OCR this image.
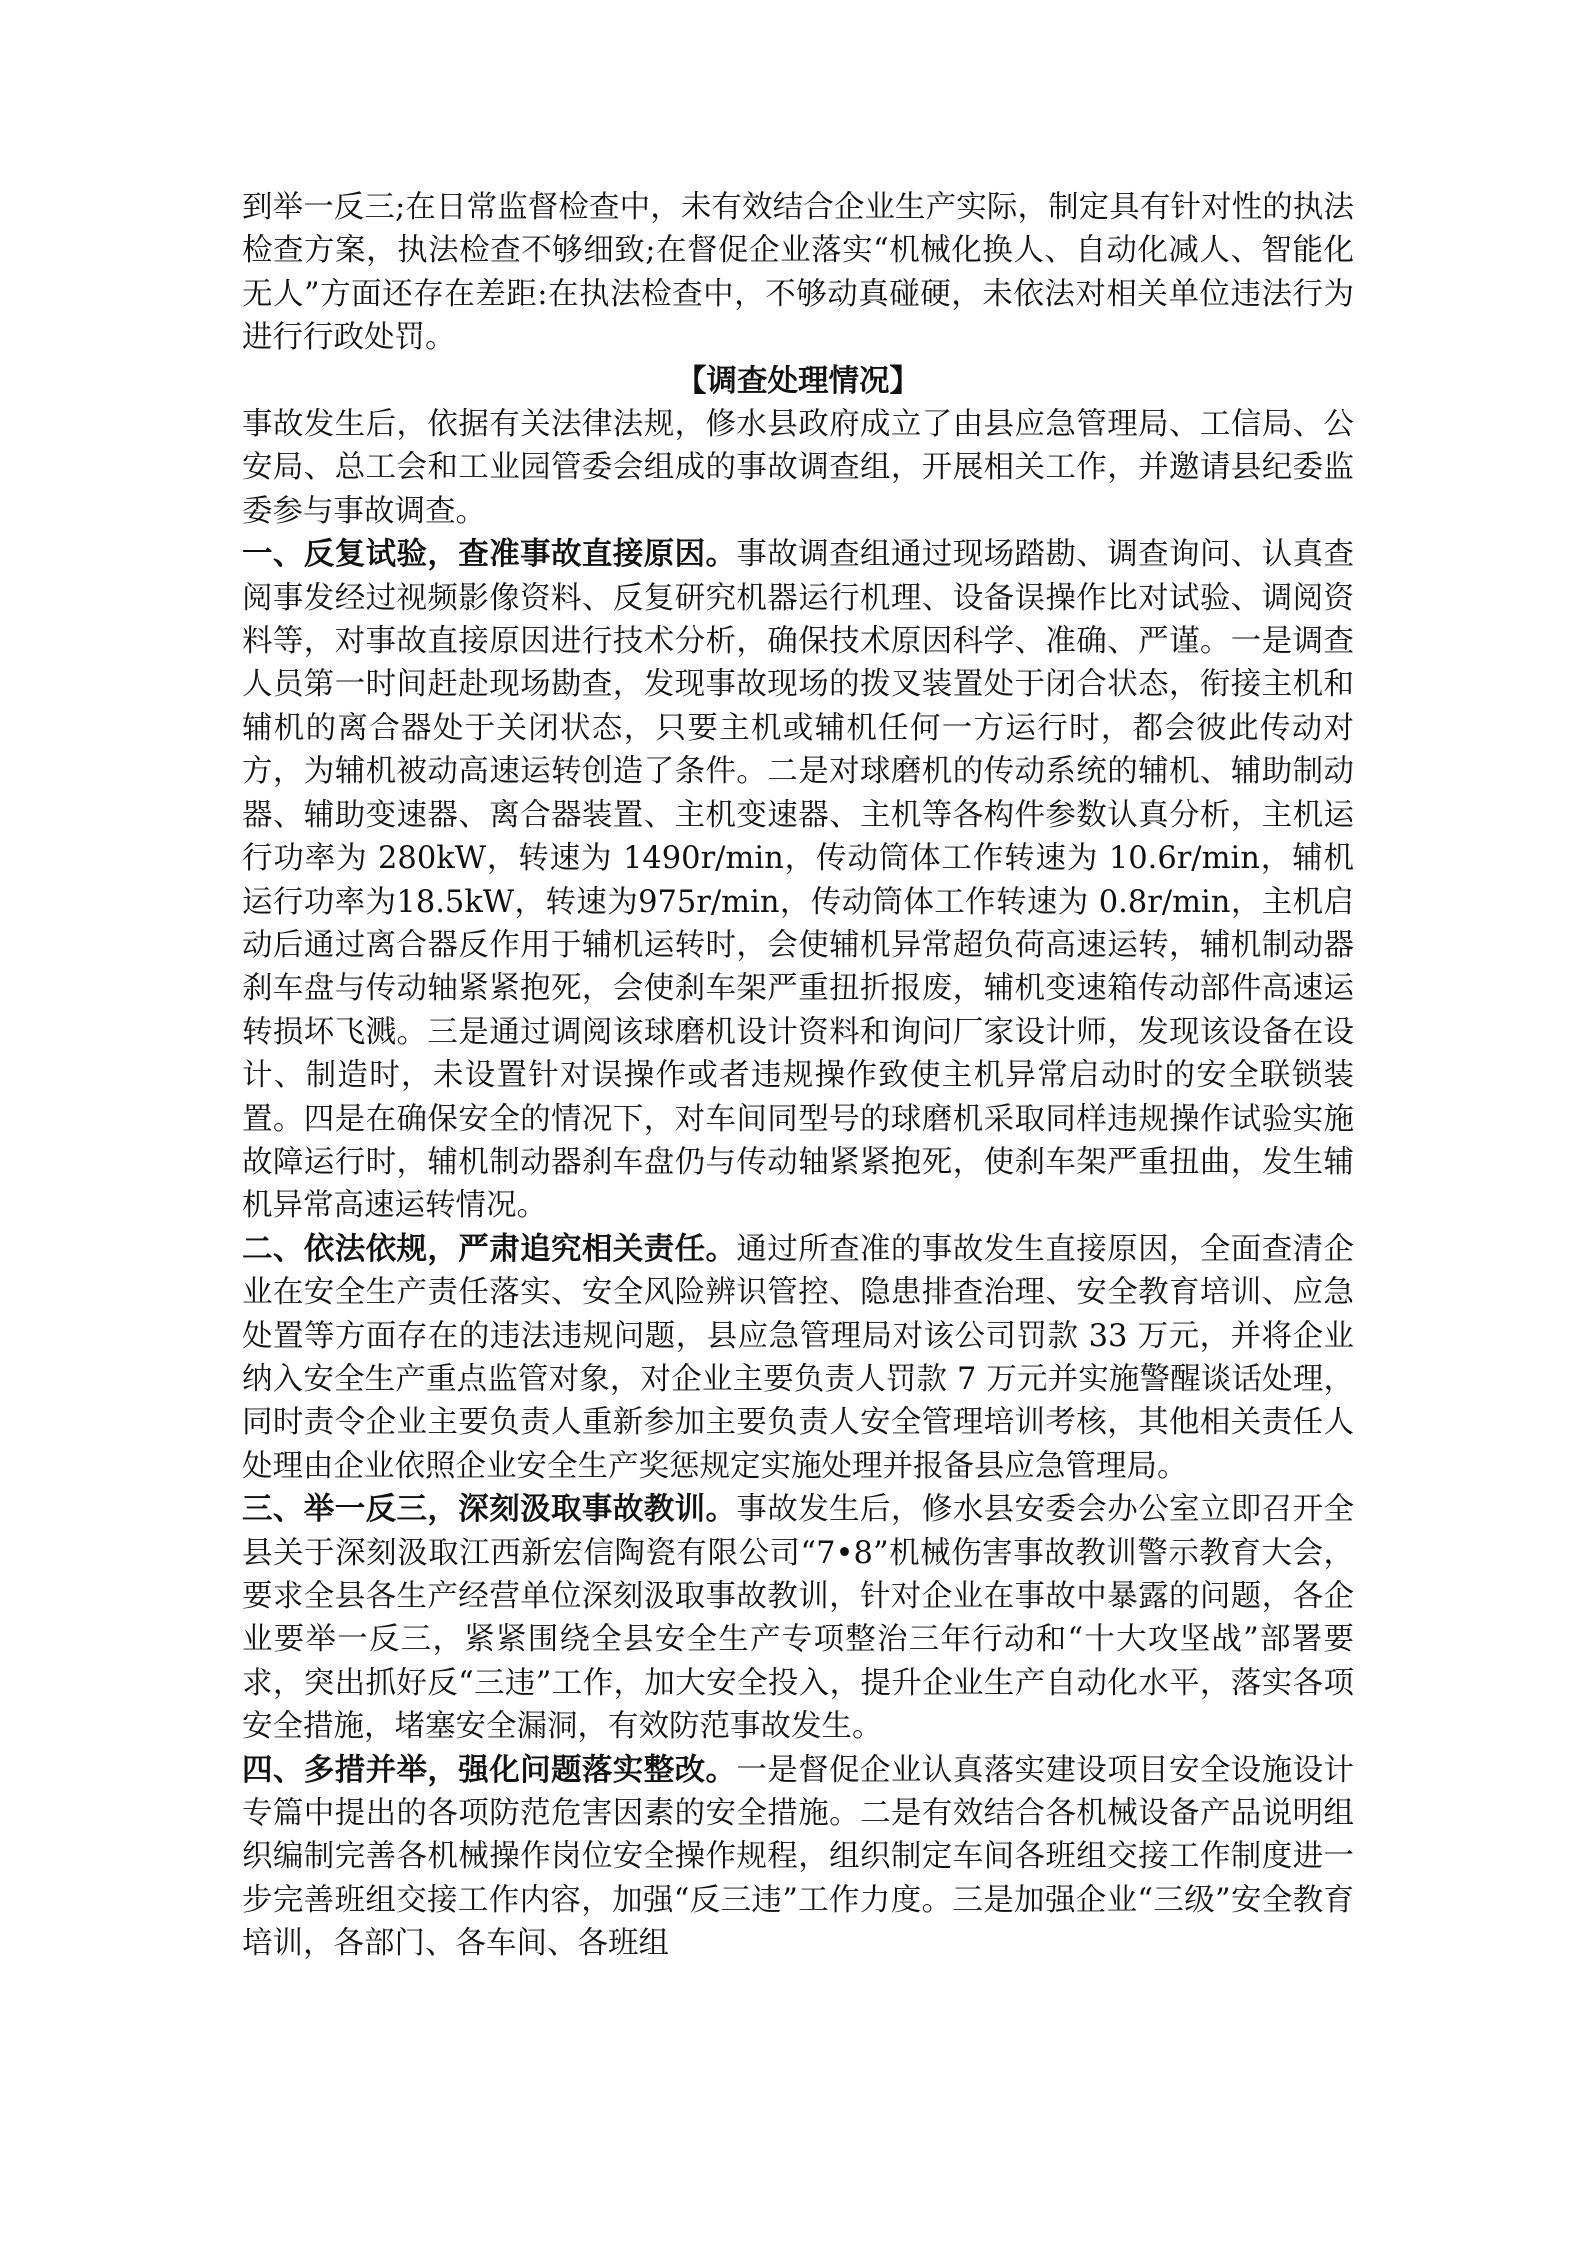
到举一反三;在日常监督检查中，未有效结合企业生产实际，制定具有针对性的执法检查方案，执法检查不够细致;在督促企业落实“机械化换人、自动化减人、智能化无人”方面还存在差距:在执法检查中，不够动真碰硬，未依法对相关单位违法行为进行行政处罚。

【调查处理情况】

事故发生后，依据有关法律法规，修水县政府成立了由县应急管理局、工信局、公安局、总工会和工业园管委会组成的事故调查组，开展相关工作，并邀请县纪委监委参与事故调查。

一、反复试验，查准事故直接原因。事故调查组通过现场踏勘、调查询问、认真查阅事发经过视频影像资料、反复研究机器运行机理、设备误操作比对试验、调阅资料等，对事故直接原因进行技术分析，确保技术原因科学、准确、严谨。一是调查人员第一时间赶赴现场勘查，发现事故现场的拨叉装置处于闭合状态，衔接主机和辅机的离合器处于关闭状态，只要主机或辅机任何一方运行时，都会彼此传动对方，为辅机被动高速运转创造了条件。二是对球磨机的传动系统的辅机、辅助制动器、辅助变速器、离合器装置、主机变速器、主机等各构件参数认真分析，主机运行功率为 280kW，转速为 1490r/min，传动筒体工作转速为 10.6r/min，辅机运行功率为18.5kW，转速为975r/min，传动筒体工作转速为 0.8r/min，主机启动后通过离合器反作用于辅机运转时，会使辅机异常超负荷高速运转，辅机制动器刹车盘与传动轴紧紧抱死，会使刹车架严重扭折报废，辅机变速箱传动部件高速运转损坏飞溅。三是通过调阅该球磨机设计资料和询问厂家设计师，发现该设备在设计、制造时，未设置针对误操作或者违规操作致使主机异常启动时的安全联锁装置。四是在确保安全的情况下，对车间同型号的球磨机采取同样违规操作试验实施故障运行时，辅机制动器刹车盘仍与传动轴紧紧抱死，使刹车架严重扭曲，发生辅机异常高速运转情况。

二、依法依规，严肃追究相关责任。通过所查准的事故发生直接原因，全面查清企业在安全生产责任落实、安全风险辨识管控、隐患排查治理、安全教育培训、应急处置等方面存在的违法违规问题，县应急管理局对该公司罚款 33 万元，并将企业纳入安全生产重点监管对象，对企业主要负责人罚款 7 万元并实施警醒谈话处理，同时责令企业主要负责人重新参加主要负责人安全管理培训考核，其他相关责任人处理由企业依照企业安全生产奖惩规定实施处理并报备县应急管理局。

三、举一反三，深刻汲取事故教训。事故发生后，修水县安委会办公室立即召开全县关于深刻汲取江西新宏信陶瓷有限公司“7•8”机械伤害事故教训警示教育大会，要求全县各生产经营单位深刻汲取事故教训，针对企业在事故中暴露的问题，各企业要举一反三，紧紧围绕全县安全生产专项整治三年行动和“十大攻坚战”部署要求，突出抓好反“三违”工作，加大安全投入，提升企业生产自动化水平，落实各项安全措施，堵塞安全漏洞，有效防范事故发生。

四、多措并举，强化问题落实整改。一是督促企业认真落实建设项目安全设施设计专篇中提出的各项防范危害因素的安全措施。二是有效结合各机械设备产品说明组织编制完善各机械操作岗位安全操作规程，组织制定车间各班组交接工作制度进一步完善班组交接工作内容，加强“反三违”工作力度。三是加强企业“三级”安全教育培训，各部门、各车间、各班组
